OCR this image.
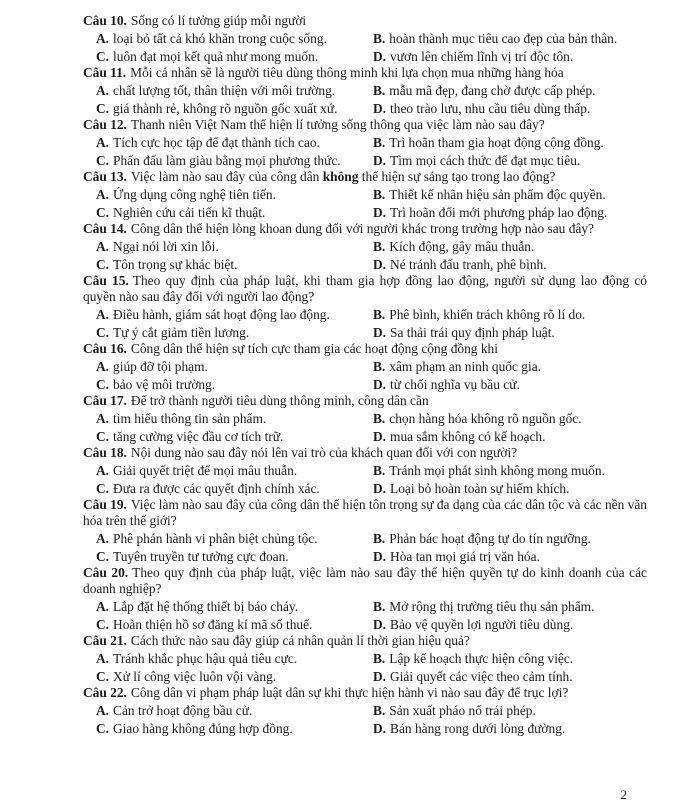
Câu 10. Sống có lí tưởng giúp mỗi người
A. loại bỏ tất cả khó khăn trong cuộc sống.	B. hoàn thành mục tiêu cao đẹp của bản thân.
C. luôn đạt mọi kết quả như mong muốn.	D. vươn lên chiếm lĩnh vị trí độc tôn.
Câu 11. Mỗi cá nhân sẽ là người tiêu dùng thông minh khi lựa chọn mua những hàng hóa
A. chất lượng tốt, thân thiện với môi trường.	B. mẫu mã đẹp, đang chờ được cấp phép.
C. giá thành rẻ, không rõ nguồn gốc xuất xứ.	D. theo trào lưu, nhu cầu tiêu dùng thấp.
Câu 12. Thanh niên Việt Nam thể hiện lí tưởng sống thông qua việc làm nào sau đây?
A. Tích cực học tập để đạt thành tích cao.	B. Trì hoãn tham gia hoạt động cộng đồng.
C. Phấn đấu làm giàu bằng mọi phương thức. D. Tìm mọi cách thức để đạt mục tiêu.
Câu 13. Việc làm nào sau đây của công dân không thể hiện sự sáng tạo trong lao động?
A. Ứng dụng công nghệ tiên tiến.	B. Thiết kế nhãn hiệu sản phẩm độc quyền.
C. Nghiên cứu cải tiến kĩ thuật.	D. Trì hoãn đổi mới phương pháp lao động.
Câu 14. Công dân thể hiện lòng khoan dung đối với người khác trong trường hợp nào sau đây?
A. Ngại nói lời xin lỗi.	B. Kích động, gây mâu thuẫn.
C. Tôn trọng sự khác biệt.	D. Né tránh đấu tranh, phê bình.
Câu 15. Theo quy định của pháp luật, khi tham gia hợp đồng lao động, người sử dụng lao động có quyền nào sau đây đối với người lao động?
A. Điều hành, giám sát hoạt động lao động.	B. Phê bình, khiển trách không rõ lí do.
C. Tự ý cắt giảm tiền lương.	D. Sa thải trái quy định pháp luật.
Câu 16. Công dân thể hiện sự tích cực tham gia các hoạt động cộng đồng khi
A. giúp đỡ tội phạm.	B. xâm phạm an ninh quốc gia.
C. bảo vệ môi trường.	D. từ chối nghĩa vụ bầu cử.
Câu 17. Để trở thành người tiêu dùng thông minh, công dân cần
A. tìm hiểu thông tin sản phẩm.	B. chọn hàng hóa không rõ nguồn gốc.
C. tăng cường việc đầu cơ tích trữ.	D. mua sắm không có kế hoạch.
Câu 18. Nội dung nào sau đây nói lên vai trò của khách quan đối với con người?
A. Giải quyết triệt để mọi mâu thuẫn.	B. Tránh mọi phát sinh không mong muốn.
C. Đưa ra được các quyết định chính xác.	D. Loại bỏ hoàn toàn sự hiểm khích.
Câu 19. Việc làm nào sau đây của công dân thể hiện tôn trọng sự đa dạng của các dân tộc và các nền văn hóa trên thế giới?
A. Phê phán hành vi phân biệt chủng tộc.	B. Phản bác hoạt động tự do tín ngưỡng.
C. Tuyên truyền tư tưởng cực đoan.	D. Hòa tan mọi giá trị văn hóa.
Câu 20. Theo quy định của pháp luật, việc làm nào sau đây thể hiện quyền tự do kinh doanh của các doanh nghiệp?
A. Lắp đặt hệ thống thiết bị báo cháy.	B. Mở rộng thị trường tiêu thụ sản phẩm.
C. Hoàn thiện hồ sơ đăng kí mã số thuế.	D. Bảo vệ quyền lợi người tiêu dùng.
Câu 21. Cách thức nào sau đây giúp cá nhân quản lí thời gian hiệu quả?
A. Tránh khắc phục hậu quả tiêu cực.	B. Lập kế hoạch thực hiện công việc.
C. Xử lí công việc luôn vội vàng.	D. Giải quyết các việc theo cảm tính.
Câu 22. Công dân vi phạm pháp luật dân sự khi thực hiện hành vi nào sau đây để trục lợi?
A. Cản trở hoạt động bầu cử.	B. Sản xuất pháo nổ trái phép.
C. Giao hàng không đúng hợp đồng.	D. Bán hàng rong dưới lòng đường.
2
